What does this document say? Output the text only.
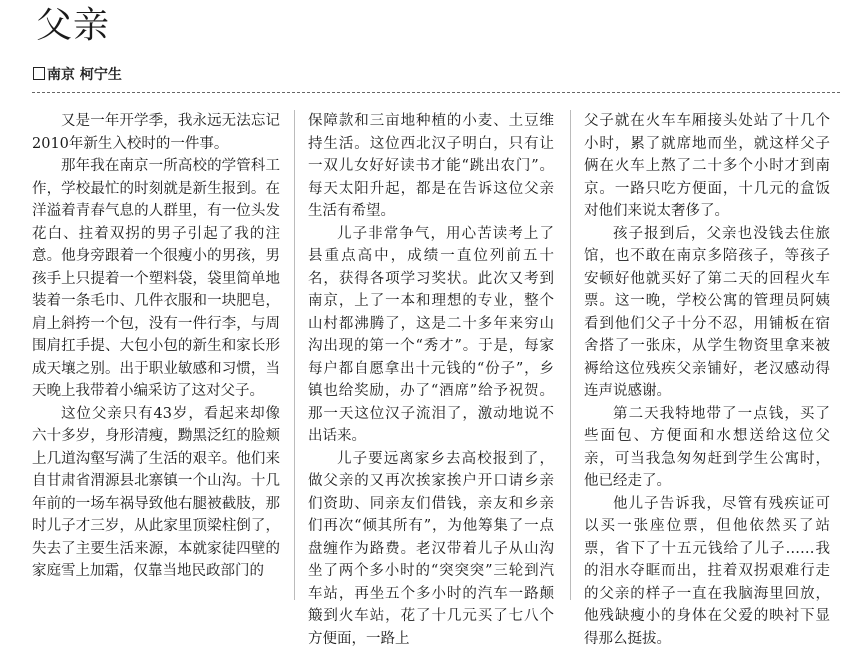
父亲
南京 柯宁生

又是一年开学季，我永远无法忘记2010年新生入校时的一件事。

那年我在南京一所高校的学管科工作，学校最忙的时刻就是新生报到。在洋溢着青春气息的人群里，有一位头发花白、拄着双拐的男子引起了我的注意。他身旁跟着一个很瘦小的男孩，男孩手上只提着一个塑料袋，袋里简单地装着一条毛巾、几件衣服和一块肥皂，肩上斜挎一个包，没有一件行李，与周围肩扛手提、大包小包的新生和家长形成天壤之别。出于职业敏感和习惯，当天晚上我带着小编采访了这对父子。

这位父亲只有43岁，看起来却像六十多岁，身形清瘦，黝黑泛红的脸颊上几道沟壑写满了生活的艰辛。他们来自甘肃省渭源县北寨镇一个山沟。十几年前的一场车祸导致他右腿被截肢，那时儿子才三岁，从此家里顶梁柱倒了，失去了主要生活来源，本就家徒四壁的家庭雪上加霜，仅靠当地民政部门的

保障款和三亩地种植的小麦、土豆维持生活。这位西北汉子明白，只有让一双儿女好好读书才能“跳出农门”。每天太阳升起，都是在告诉这位父亲生活有希望。

儿子非常争气，用心苦读考上了县重点高中，成绩一直位列前五十名，获得各项学习奖状。此次又考到南京，上了一本和理想的专业，整个山村都沸腾了，这是二十多年来穷山沟出现的第一个“秀才”。于是，每家每户都自愿拿出十元钱的“份子”，乡镇也给奖励，办了“酒席”给予祝贺。那一天这位汉子流泪了，激动地说不出话来。

儿子要远离家乡去高校报到了，做父亲的又再次挨家挨户开口请乡亲们资助、同亲友们借钱，亲友和乡亲们再次“倾其所有”，为他筹集了一点盘缠作为路费。老汉带着儿子从山沟坐了两个多小时的“突突突”三轮到汽车站，再坐五个多小时的汽车一路颠簸到火车站，花了十几元买了七八个方便面，一路上

父子就在火车车厢接头处站了十几个小时，累了就席地而坐，就这样父子俩在火车上熬了二十多个小时才到南京。一路只吃方便面，十几元的盒饭对他们来说太奢侈了。

孩子报到后，父亲也没钱去住旅馆，也不敢在南京多陪孩子，等孩子安顿好他就买好了第二天的回程火车票。这一晚，学校公寓的管理员阿姨看到他们父子十分不忍，用铺板在宿舍搭了一张床，从学生物资里拿来被褥给这位残疾父亲铺好，老汉感动得连声说感谢。

第二天我特地带了一点钱，买了些面包、方便面和水想送给这位父亲，可当我急匆匆赶到学生公寓时，他已经走了。

他儿子告诉我，尽管有残疾证可以买一张座位票，但他依然买了站票，省下了十五元钱给了儿子……我的泪水夺眶而出，拄着双拐艰难行走的父亲的样子一直在我脑海里回放，他残缺瘦小的身体在父爱的映衬下显得那么挺拔。
